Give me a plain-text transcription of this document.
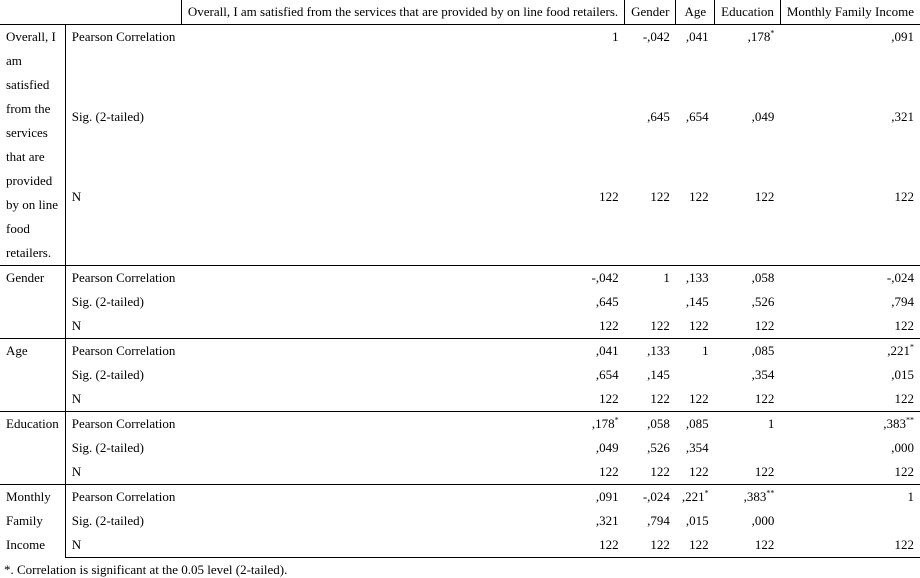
		Overall, I am satisfied from the services that are provided by on line food retailers.	Gender	Age	Education	Monthly Family Income
Overall, I am satisfied from the services that are provided by on line food retailers.	Pearson Correlation	1	-,042	,041	,178*	,091
	Sig. (2-tailed)		,645	,654	,049	,321
	N	122	122	122	122	122
Gender	Pearson Correlation	-,042	1	,133	,058	-,024
	Sig. (2-tailed)	,645		,145	,526	,794
	N	122	122	122	122	122
Age	Pearson Correlation	,041	,133	1	,085	,221*
	Sig. (2-tailed)	,654	,145		,354	,015
	N	122	122	122	122	122
Education	Pearson Correlation	,178*	,058	,085	1	,383**
	Sig. (2-tailed)	,049	,526	,354		,000
	N	122	122	122	122	122
Monthly Family Income	Pearson Correlation	,091	-,024	,221*	,383**	1
	Sig. (2-tailed)	,321	,794	,015	,000	
	N	122	122	122	122	122
*. Correlation is significant at the 0.05 level (2-tailed).
